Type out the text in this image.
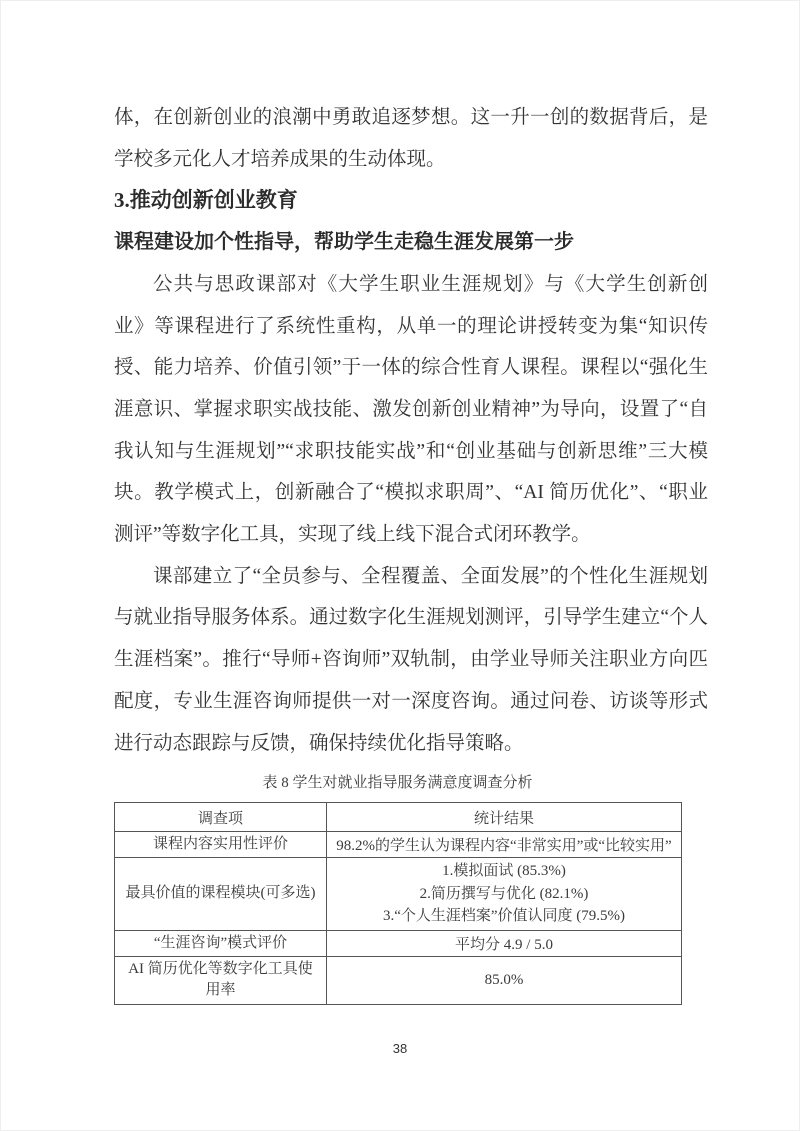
体，在创新创业的浪潮中勇敢追逐梦想。这一升一创的数据背后，是学校多元化人才培养成果的生动体现。

3.推动创新创业教育
课程建设加个性指导，帮助学生走稳生涯发展第一步

公共与思政课部对《大学生职业生涯规划》与《大学生创新创业》等课程进行了系统性重构，从单一的理论讲授转变为集“知识传授、能力培养、价值引领”于一体的综合性育人课程。课程以“强化生涯意识、掌握求职实战技能、激发创新创业精神”为导向，设置了“自我认知与生涯规划”“求职技能实战”和“创业基础与创新思维”三大模块。教学模式上，创新融合了“模拟求职周”、“AI 简历优化”、“职业测评”等数字化工具，实现了线上线下混合式闭环教学。

课部建立了“全员参与、全程覆盖、全面发展”的个性化生涯规划与就业指导服务体系。通过数字化生涯规划测评，引导学生建立“个人生涯档案”。推行“导师+咨询师”双轨制，由学业导师关注职业方向匹配度，专业生涯咨询师提供一对一深度咨询。通过问卷、访谈等形式进行动态跟踪与反馈，确保持续优化指导策略。

表 8 学生对就业指导服务满意度调查分析
调查项	统计结果
课程内容实用性评价	98.2%的学生认为课程内容“非常实用”或“比较实用”
最具价值的课程模块(可多选)	1.模拟面试 (85.3%)
2.简历撰写与优化 (82.1%)
3.“个人生涯档案”价值认同度 (79.5%)

“生涯咨询”模式评价	平均分 4.9 / 5.0
AI 简历优化等数字化工具使用率	85.0%
38
